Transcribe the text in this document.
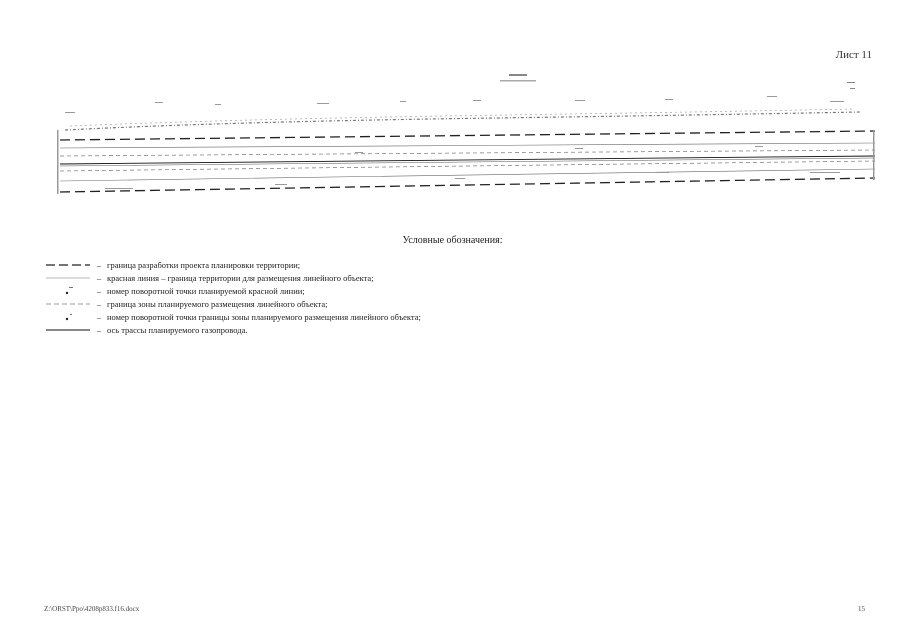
Лист 11
Условные обозначения:
– граница разработки проекта планировки территории;
– красная линия – граница территории для размещения линейного объекта;
– номер поворотной точки планируемой красной линии;
– граница зоны планируемого размещения линейного объекта;
– номер поворотной точки границы зоны планируемого размещения линейного объекта;
– ось трассы планируемого газопровода.
Z:\ORST\Ppo\4208p833.f16.docx	15
